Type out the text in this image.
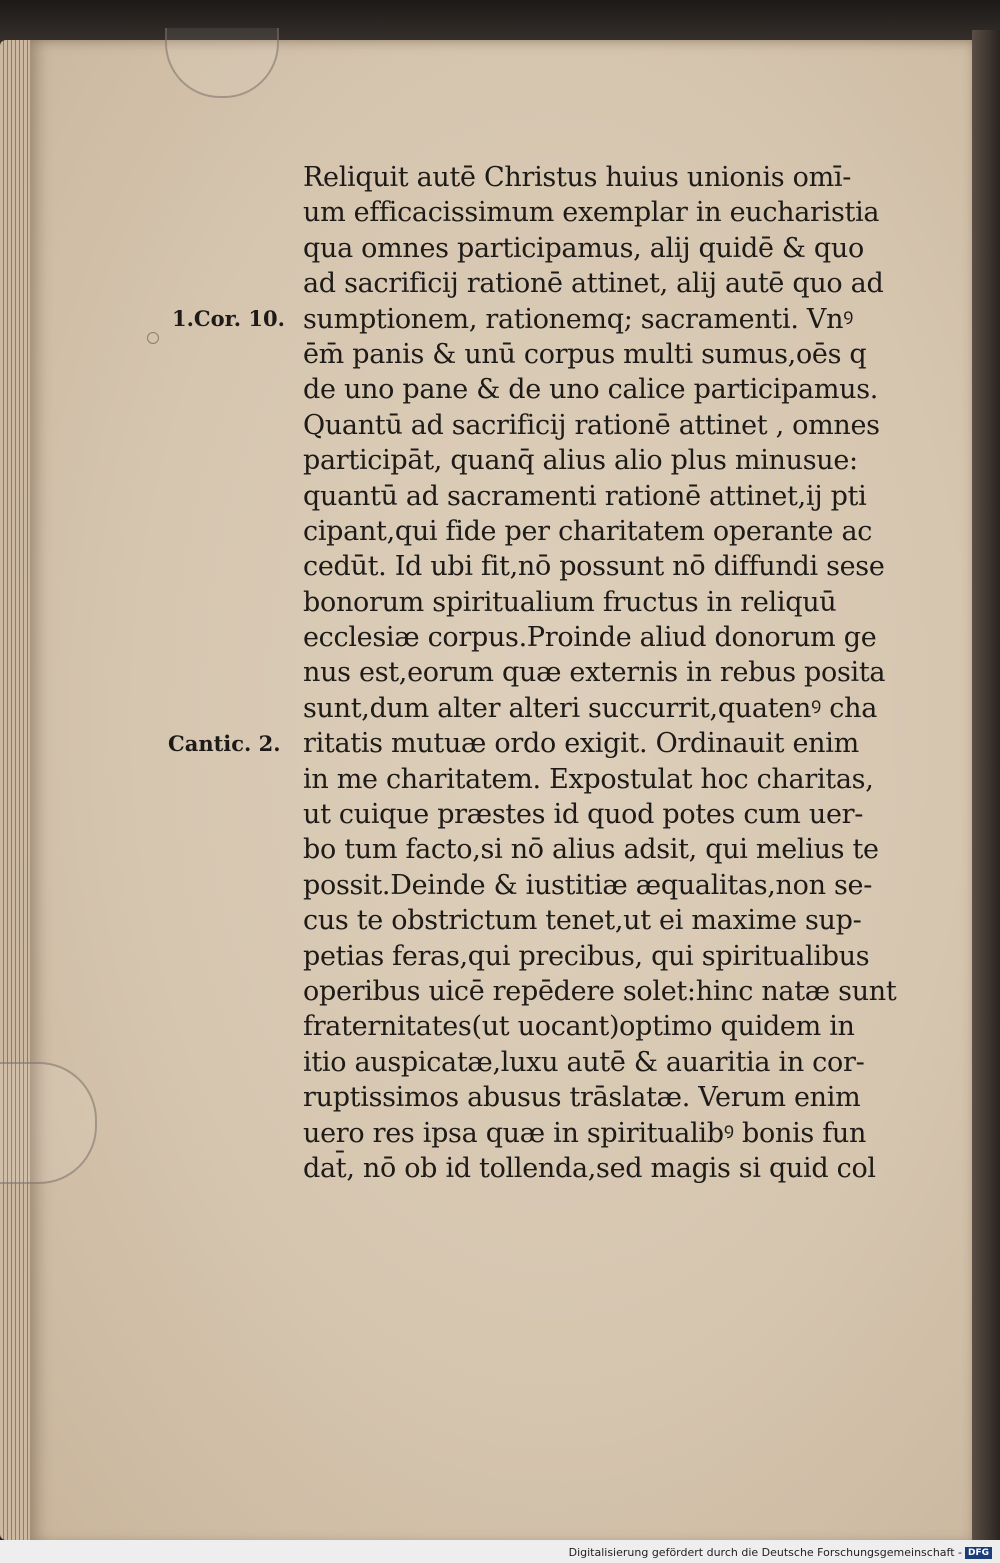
1.Cor. 10.
Cantic. 2.
Reliquit autē Christus huius unionis omī-
um efficacissimum exemplar in eucharistia
qua omnes participamus, alij quidē & quo
ad sacrificij rationē attinet, alij autē quo ad
sumptionem, rationemq; sacramenti. Vnꝰ
ēm̄ panis & unū corpus multi sumus,oēs q
de uno pane & de uno calice participamus.
Quantū ad sacrificij rationē attinet , omnes
participāt, quanq̄ alius alio plus minusue:
quantū ad sacramenti rationē attinet,ij pti
cipant,qui fide per charitatem operante ac
cedūt. Id ubi fit,nō possunt nō diffundi sese
bonorum spiritualium fructus in reliquū
ecclesiæ corpus.Proinde aliud donorum ge
nus est,eorum quæ externis in rebus posita
sunt,dum alter alteri succurrit,quatenꝰ cha
ritatis mutuæ ordo exigit. Ordinauit enim
in me charitatem. Expostulat hoc charitas,
ut cuique præstes id quod potes cum uer-
bo tum facto,si nō alius adsit, qui melius te
possit.Deinde & iustitiæ æqualitas,non se-
cus te obstrictum tenet,ut ei maxime sup-
petias feras,qui precibus, qui spiritualibus
operibus uicē repēdere solet:hinc natæ sunt
fraternitates(ut uocant)optimo quidem in
itio auspicatæ,luxu autē & auaritia in cor-
ruptissimos abusus trāslatæ. Verum enim
uero res ipsa quæ in spiritualibꝰ bonis fun
dat̄, nō ob id tollenda,sed magis si quid col
Digitalisierung gefördert durch die Deutsche Forschungsgemeinschaft - DFG
